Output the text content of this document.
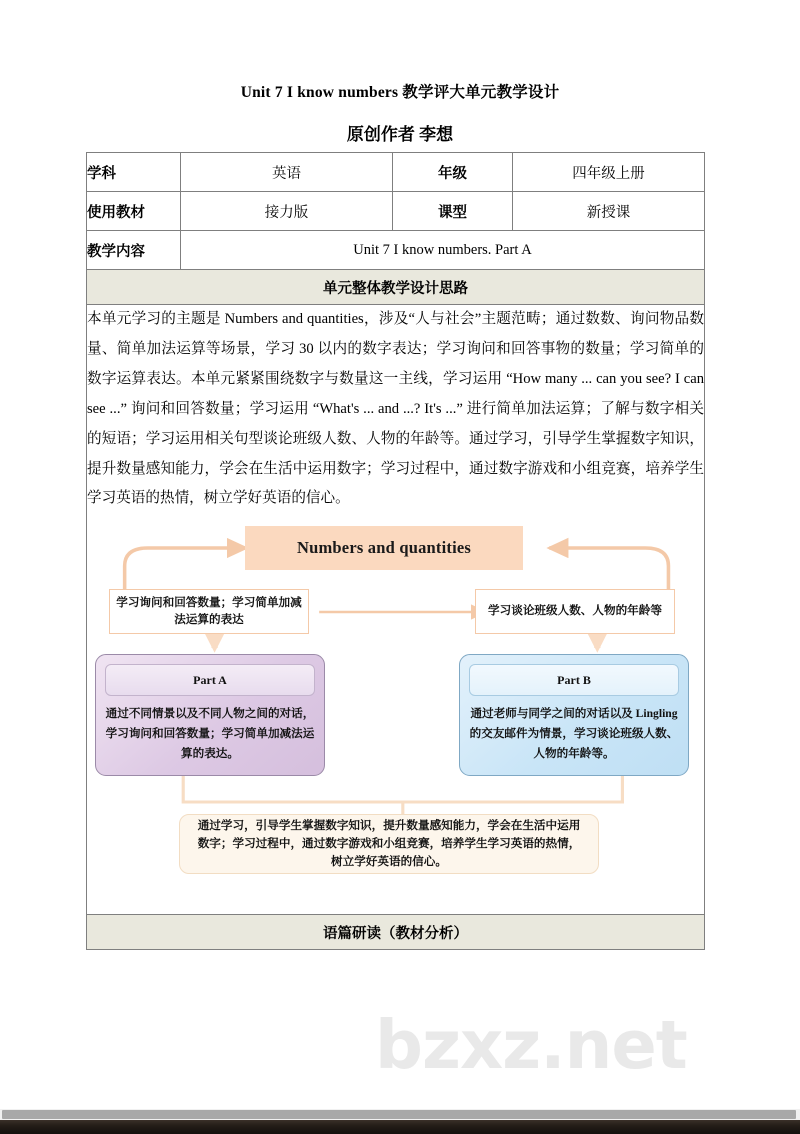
bzxz.net
Unit 7 I know numbers 教学评大单元教学设计
原创作者 李想
学科	英语	年级	四年级上册
使用教材	接力版	课型	新授课
教学内容	Unit 7 I know numbers. Part A		
单元整体教学设计思路			

本单元学习的主题是 Numbers and quantities，涉及“人与社会”主题范畴；通过数数、询问物品数量、简单加法运算等场景，学习 30 以内的数字表达；学习询问和回答事物的数量；学习简单的数字运算表达。本单元紧紧围绕数字与数量这一主线，学习运用 “How many ... can you see? I can see ...” 询问和回答数量；学习运用 “What's ... and ...? It's ...” 进行简单加法运算；了解与数字相关的短语；学习运用相关句型谈论班级人数、人物的年龄等。通过学习，引导学生掌握数字知识，提升数量感知能力，学会在生活中运用数字；学习过程中，通过数字游戏和小组竞赛，培养学生学习英语的热情，树立学好英语的信心。

Numbers and quantities
学习询问和回答数量；学习简单加减法运算的表达
学习谈论班级人数、人物的年龄等
Part A
通过不同情景以及不同人物之间的对话，学习询问和回答数量；学习简单加减法运算的表达。
Part B
通过老师与同学之间的对话以及 Lingling的交友邮件为情景，学习谈论班级人数、人物的年龄等。
通过学习，引导学生掌握数字知识，提升数量感知能力，学会在生活中运用数字；学习过程中，通过数字游戏和小组竞赛，培养学生学习英语的热情，树立学好英语的信心。

语篇研读（教材分析）			
